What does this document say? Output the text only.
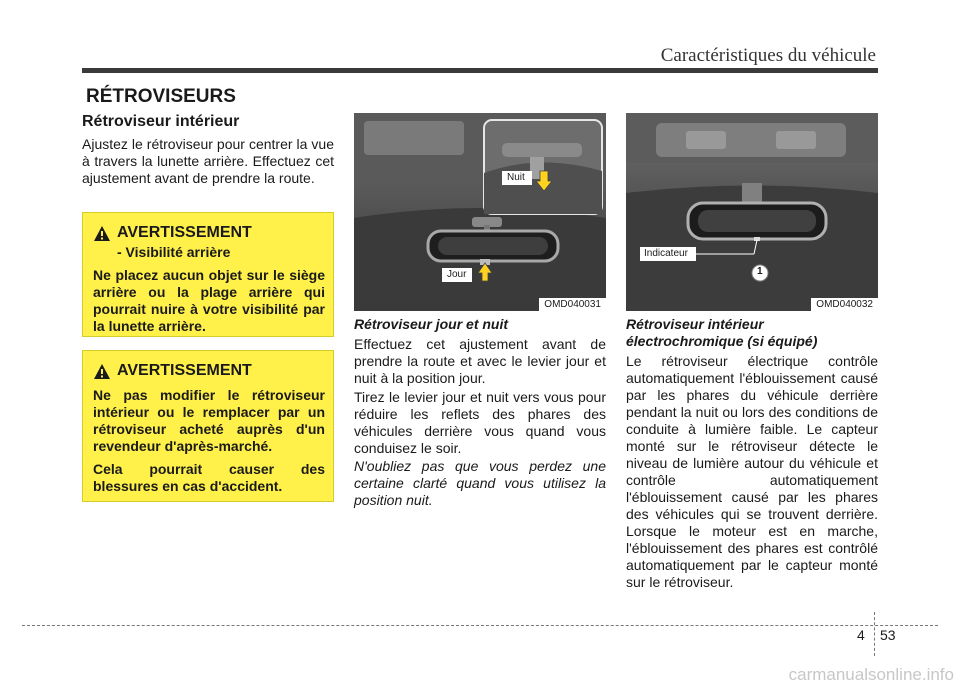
Caractéristiques du véhicule
RÉTROVISEURS
Rétroviseur intérieur
Ajustez le rétroviseur pour centrer la vue à travers la lunette arrière. Effectuez cet ajustement avant de prendre la route.
AVERTISSEMENT
- Visibilité arrière
Ne placez aucun objet sur le siège arrière ou la plage arrière qui pourrait nuire à votre visibilité par la lunette arrière.
AVERTISSEMENT
Ne pas modifier le rétroviseur intérieur ou le remplacer par un rétroviseur acheté auprès d'un revendeur d'après-marché.
Cela pourrait causer des blessures en cas d'accident.
Nuit
Jour
OMD040031
Indicateur
1
OMD040032
Rétroviseur jour et nuit
Effectuez cet ajustement avant de prendre la route et avec le levier jour et nuit à la position jour.
Tirez le levier jour et nuit vers vous pour réduire les reflets des phares des véhicules derrière vous quand vous conduisez le soir.
N'oubliez pas que vous perdez une certaine clarté quand vous utilisez la position nuit.
Rétroviseur intérieur électrochromique (si équipé)
Le rétroviseur électrique contrôle automatiquement l'éblouissement causé par les phares du véhicule derrière pendant la nuit ou lors des conditions de conduite à lumière faible. Le capteur monté sur le rétroviseur détecte le niveau de lumière autour du véhicule et contrôle automatiquement l'éblouissement causé par les phares des véhicules qui se trouvent derrière. Lorsque le moteur est en marche, l'éblouissement des phares est contrôlé automatiquement par le capteur monté sur le rétroviseur.
4 53
carmanualsonline.info
